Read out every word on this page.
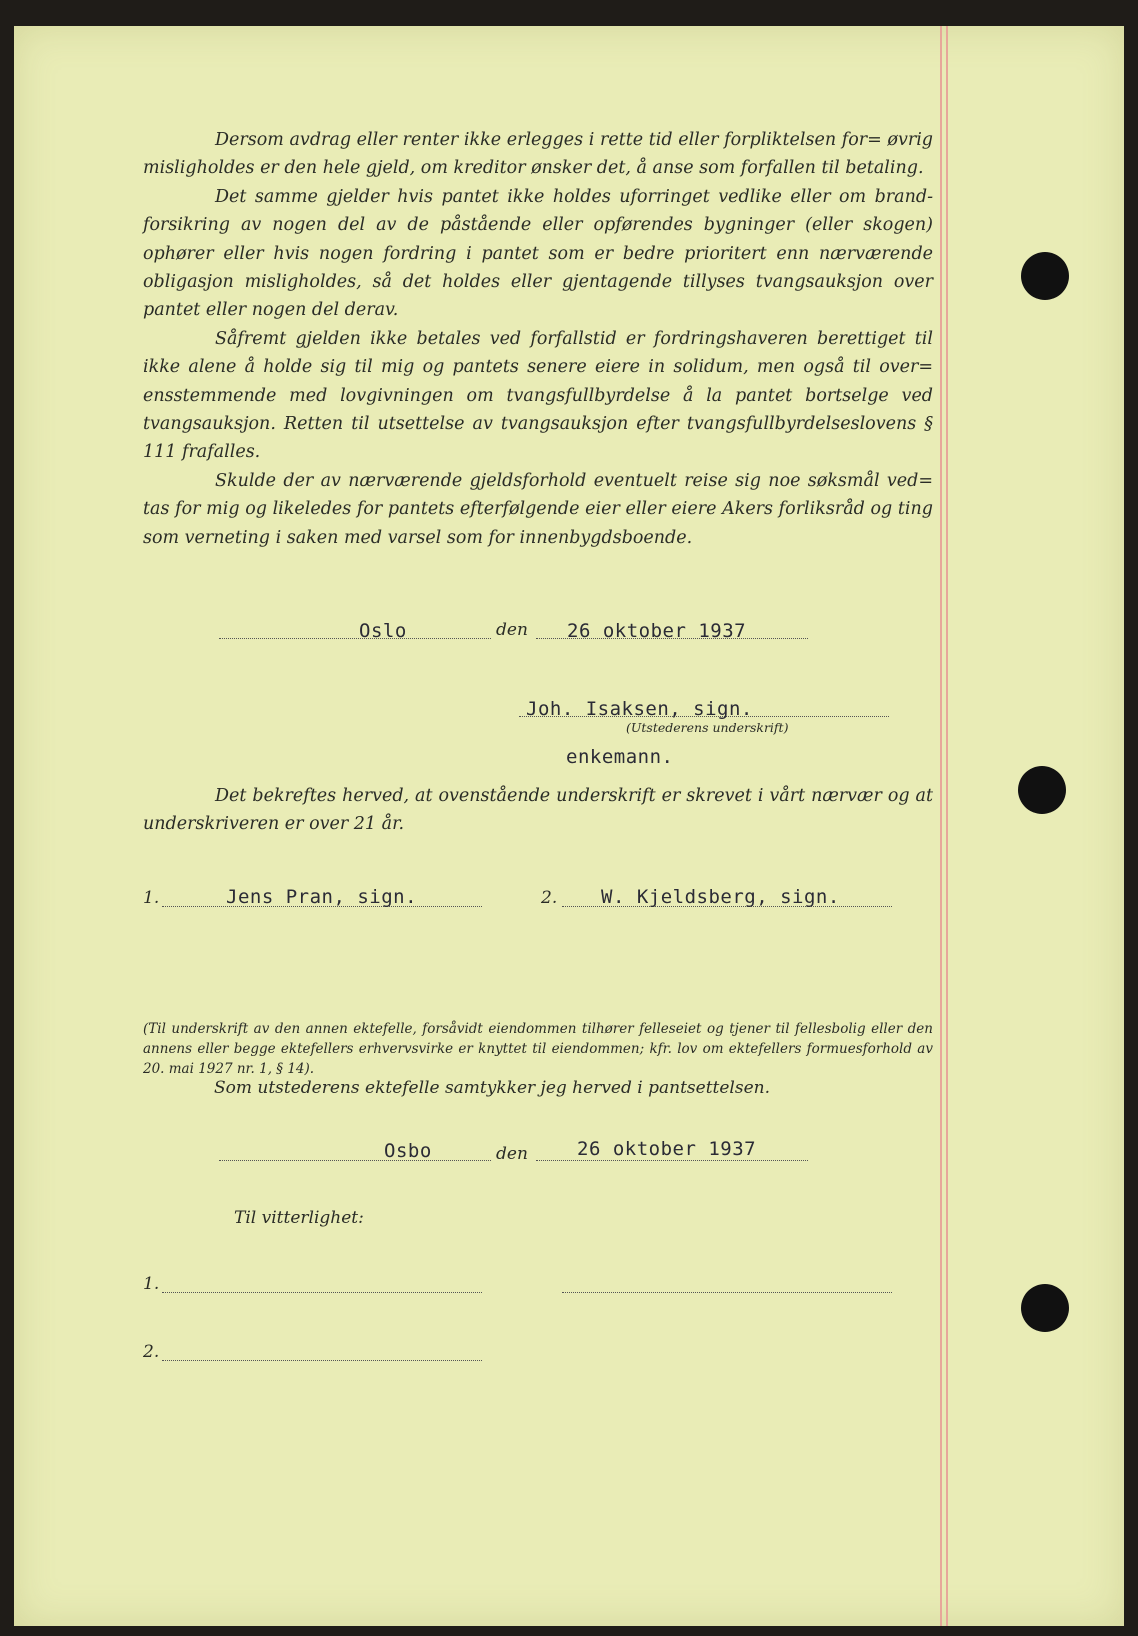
Dersom avdrag eller renter ikke erlegges i rette tid eller forpliktelsen for= øvrig misligholdes er den hele gjeld, om kreditor ønsker det, å anse som forfallen til betaling.

Det samme gjelder hvis pantet ikke holdes uforringet vedlike eller om brand- forsikring av nogen del av de påstående eller opførendes bygninger (eller skogen) ophører eller hvis nogen fordring i pantet som er bedre prioritert enn nærværende obligasjon misligholdes, så det holdes eller gjentagende tillyses tvangsauksjon over pantet eller nogen del derav.

Såfremt gjelden ikke betales ved forfallstid er fordringshaveren berettiget til ikke alene å holde sig til mig og pantets senere eiere in solidum, men også til over= ensstemmende med lovgivningen om tvangsfullbyrdelse å la pantet bortselge ved tvangsauksjon. Retten til utsettelse av tvangsauksjon efter tvangsfullbyrdelseslovens § 111 frafalles.

Skulde der av nærværende gjeldsforhold eventuelt reise sig noe søksmål ved= tas for mig og likeledes for pantets efterfølgende eier eller eiere Akers forliksråd og ting som verneting i saken med varsel som for innenbygdsboende.

Oslo	den 26 oktober 1937
Joh. Isaksen, sign.
(Utstederens underskrift)
enkemann.
Det bekreftes herved, at ovenstående underskrift er skrevet i vårt nærvær og at underskriveren er over 21 år.
1.	Jens Pran, sign.	2. W. Kjeldsberg, sign.
(Til underskrift av den annen ektefelle, forsåvidt eiendommen tilhører felleseiet og tjener til fellesbolig eller den annens eller begge ektefellers erhvervsvirke er knyttet til eiendommen; kfr. lov om ektefellers formuesforhold av 20. mai 1927 nr. 1, § 14).
Som utstederens ektefelle samtykker jeg herved i pantsettelsen.
Osbo	den	26 oktober 1937
Til vitterlighet:
1.
2.
